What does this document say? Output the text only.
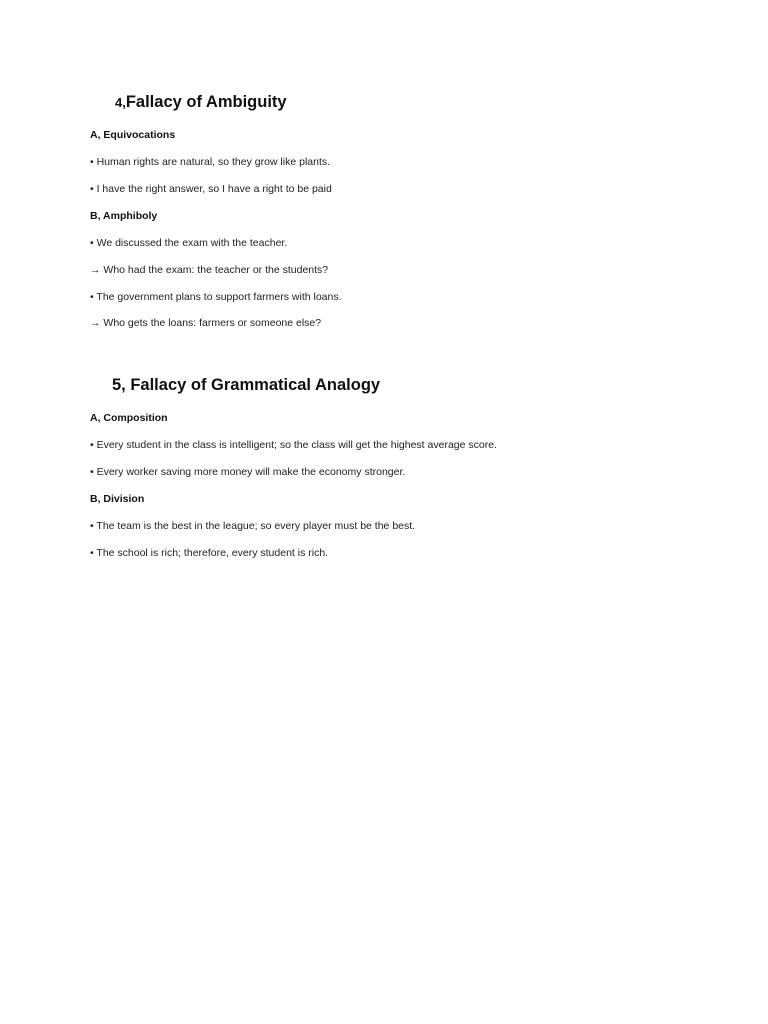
4,Fallacy of Ambiguity
A, Equivocations
• Human rights are natural, so they grow like plants.
• I have the right answer, so I have a right to be paid
B, Amphiboly
• We discussed the exam with the teacher.
→ Who had the exam: the teacher or the students?
• The government plans to support farmers with loans.
→ Who gets the loans: farmers or someone else?
5, Fallacy of Grammatical Analogy
A, Composition
• Every student in the class is intelligent; so the class will get the highest average score.
• Every worker saving more money will make the economy stronger.
B, Division
• The team is the best in the league; so every player must be the best.
• The school is rich; therefore, every student is rich.
